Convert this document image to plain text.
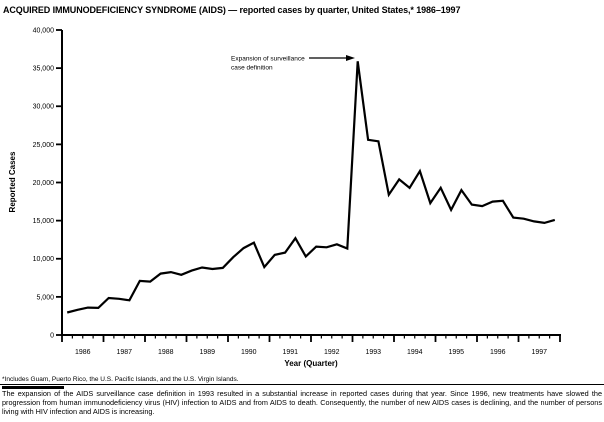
ACQUIRED IMMUNODEFICIENCY SYNDROME (AIDS) — reported cases by quarter, United States,* 1986–1997
0
5,000
10,000
15,000
20,000
25,000
30,000
35,000
40,000
1986	1987	1988	1989	1990	1991	1992	1993	1994	1995	1996	1997
Reported Cases
Year (Quarter)
Expansion of surveillance
case definition
*Includes Guam, Puerto Rico, the U.S. Pacific Islands, and the U.S. Virgin Islands.
The expansion of the AIDS surveillance case definition in 1993 resulted in a substantial increase in reported cases during that year. Since 1996, new treatments have slowed the progression from human immunodeficiency virus (HIV) infection to AIDS and from AIDS to death. Consequently, the number of new AIDS cases is declining, and the number of persons living with HIV infection and AIDS is increasing.
